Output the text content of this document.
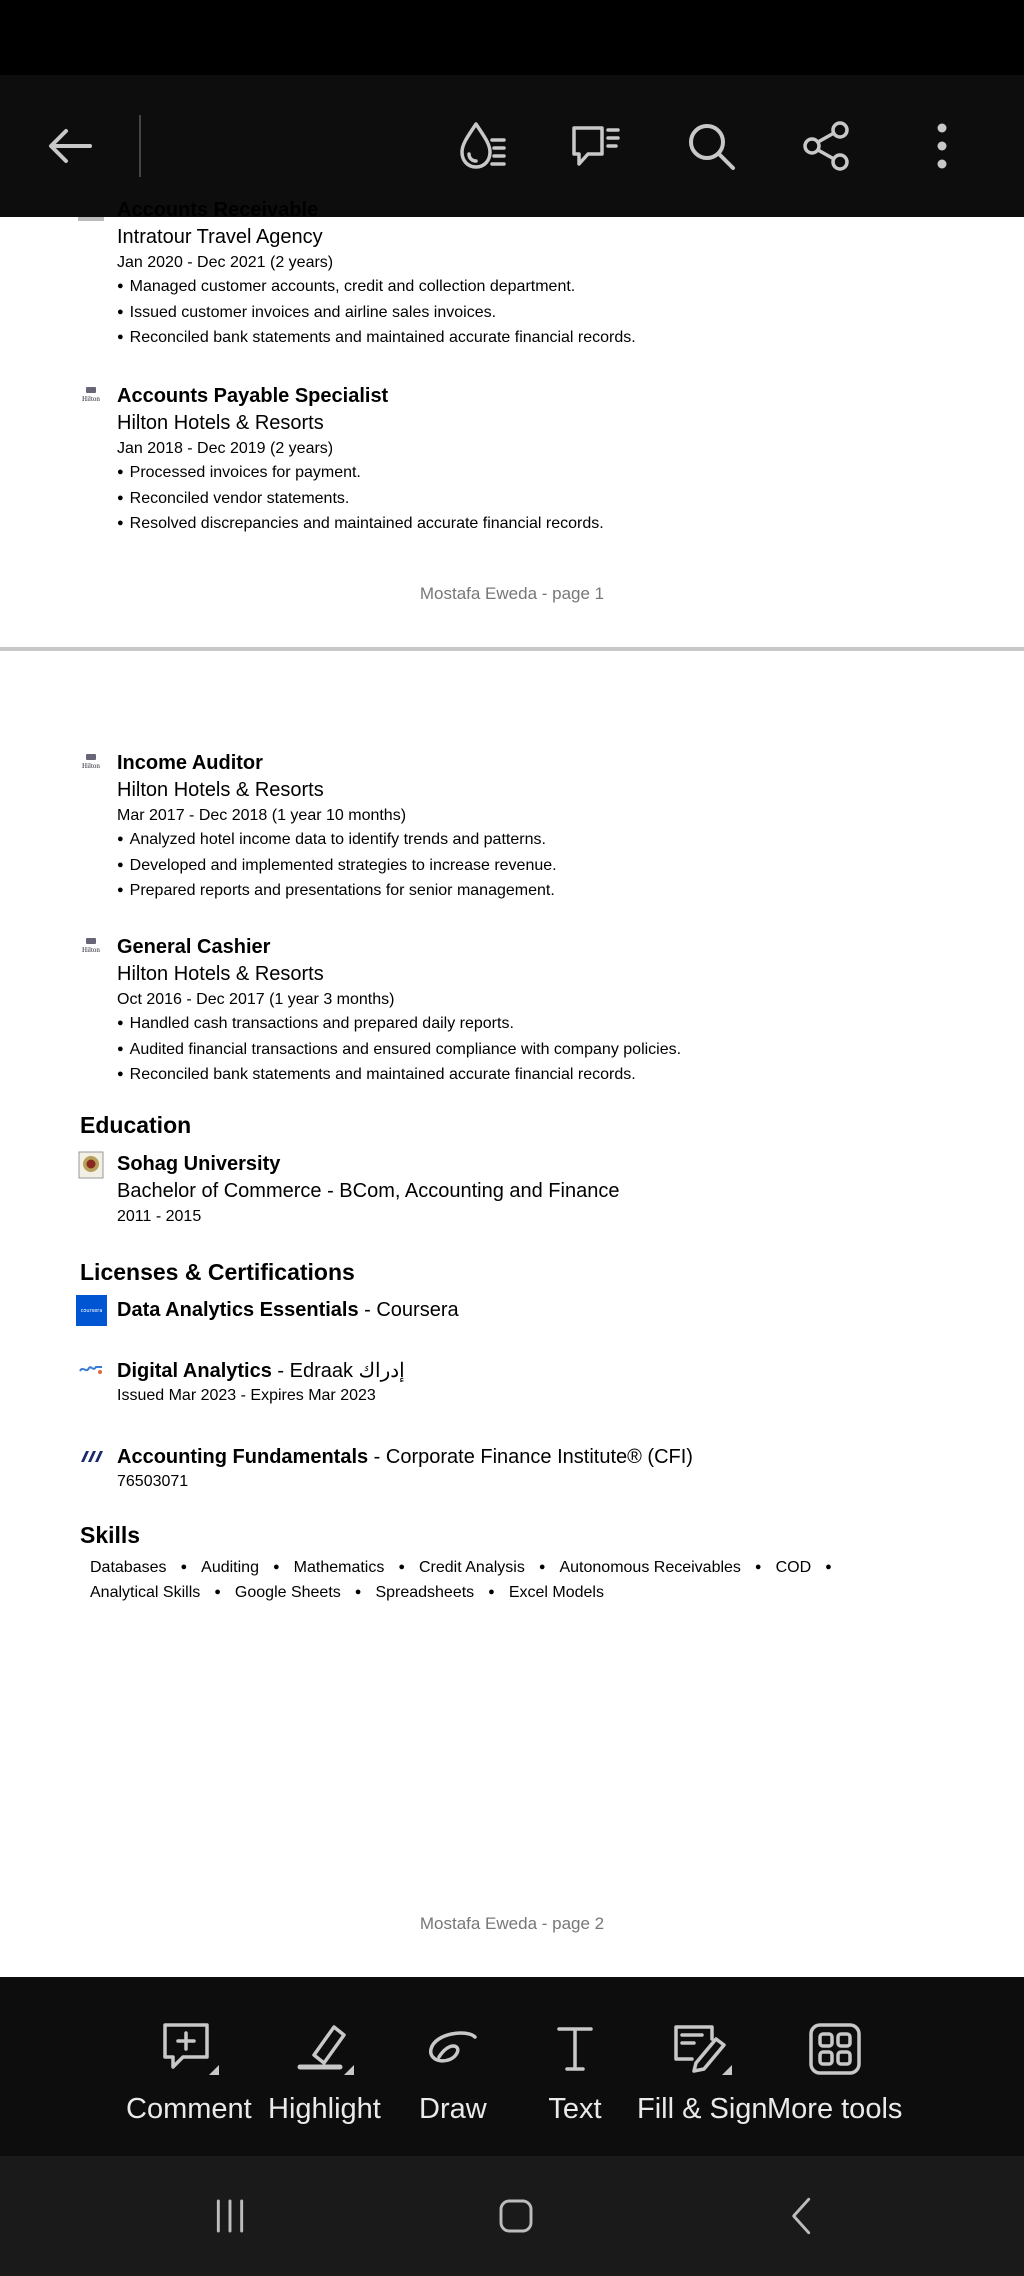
Accounts Receivable
Intratour Travel Agency
Jan 2020 - Dec 2021 (2 years)
● Managed customer accounts, credit and collection department.
● Issued customer invoices and airline sales invoices.
● Reconciled bank statements and maintained accurate financial records.
Hilton Accounts Payable Specialist
Hilton Hotels & Resorts
Jan 2018 - Dec 2019 (2 years)
● Processed invoices for payment.
● Reconciled vendor statements.
● Resolved discrepancies and maintained accurate financial records.
Mostafa Eweda - page 1
Hilton Income Auditor
Hilton Hotels & Resorts
Mar 2017 - Dec 2018 (1 year 10 months)
● Analyzed hotel income data to identify trends and patterns.
● Developed and implemented strategies to increase revenue.
● Prepared reports and presentations for senior management.
Hilton General Cashier
Hilton Hotels & Resorts
Oct 2016 - Dec 2017 (1 year 3 months)
● Handled cash transactions and prepared daily reports.
● Audited financial transactions and ensured compliance with company policies.
● Reconciled bank statements and maintained accurate financial records.
Education
Sohag University
Bachelor of Commerce - BCom, Accounting and Finance
2011 - 2015
Licenses & Certifications
coursera Data Analytics Essentials - Coursera
Digital Analytics - Edraak إدراك
Issued Mar 2023 - Expires Mar 2023
Accounting Fundamentals - Corporate Finance Institute® (CFI)
76503071
Skills
Databases ● Auditing ● Mathematics ● Credit Analysis ● Autonomous Receivables ● COD ●
Analytical Skills ● Google Sheets ● Spreadsheets ● Excel Models
Mostafa Eweda - page 2
Comment Highlight Draw Text Fill & Sign More tools
